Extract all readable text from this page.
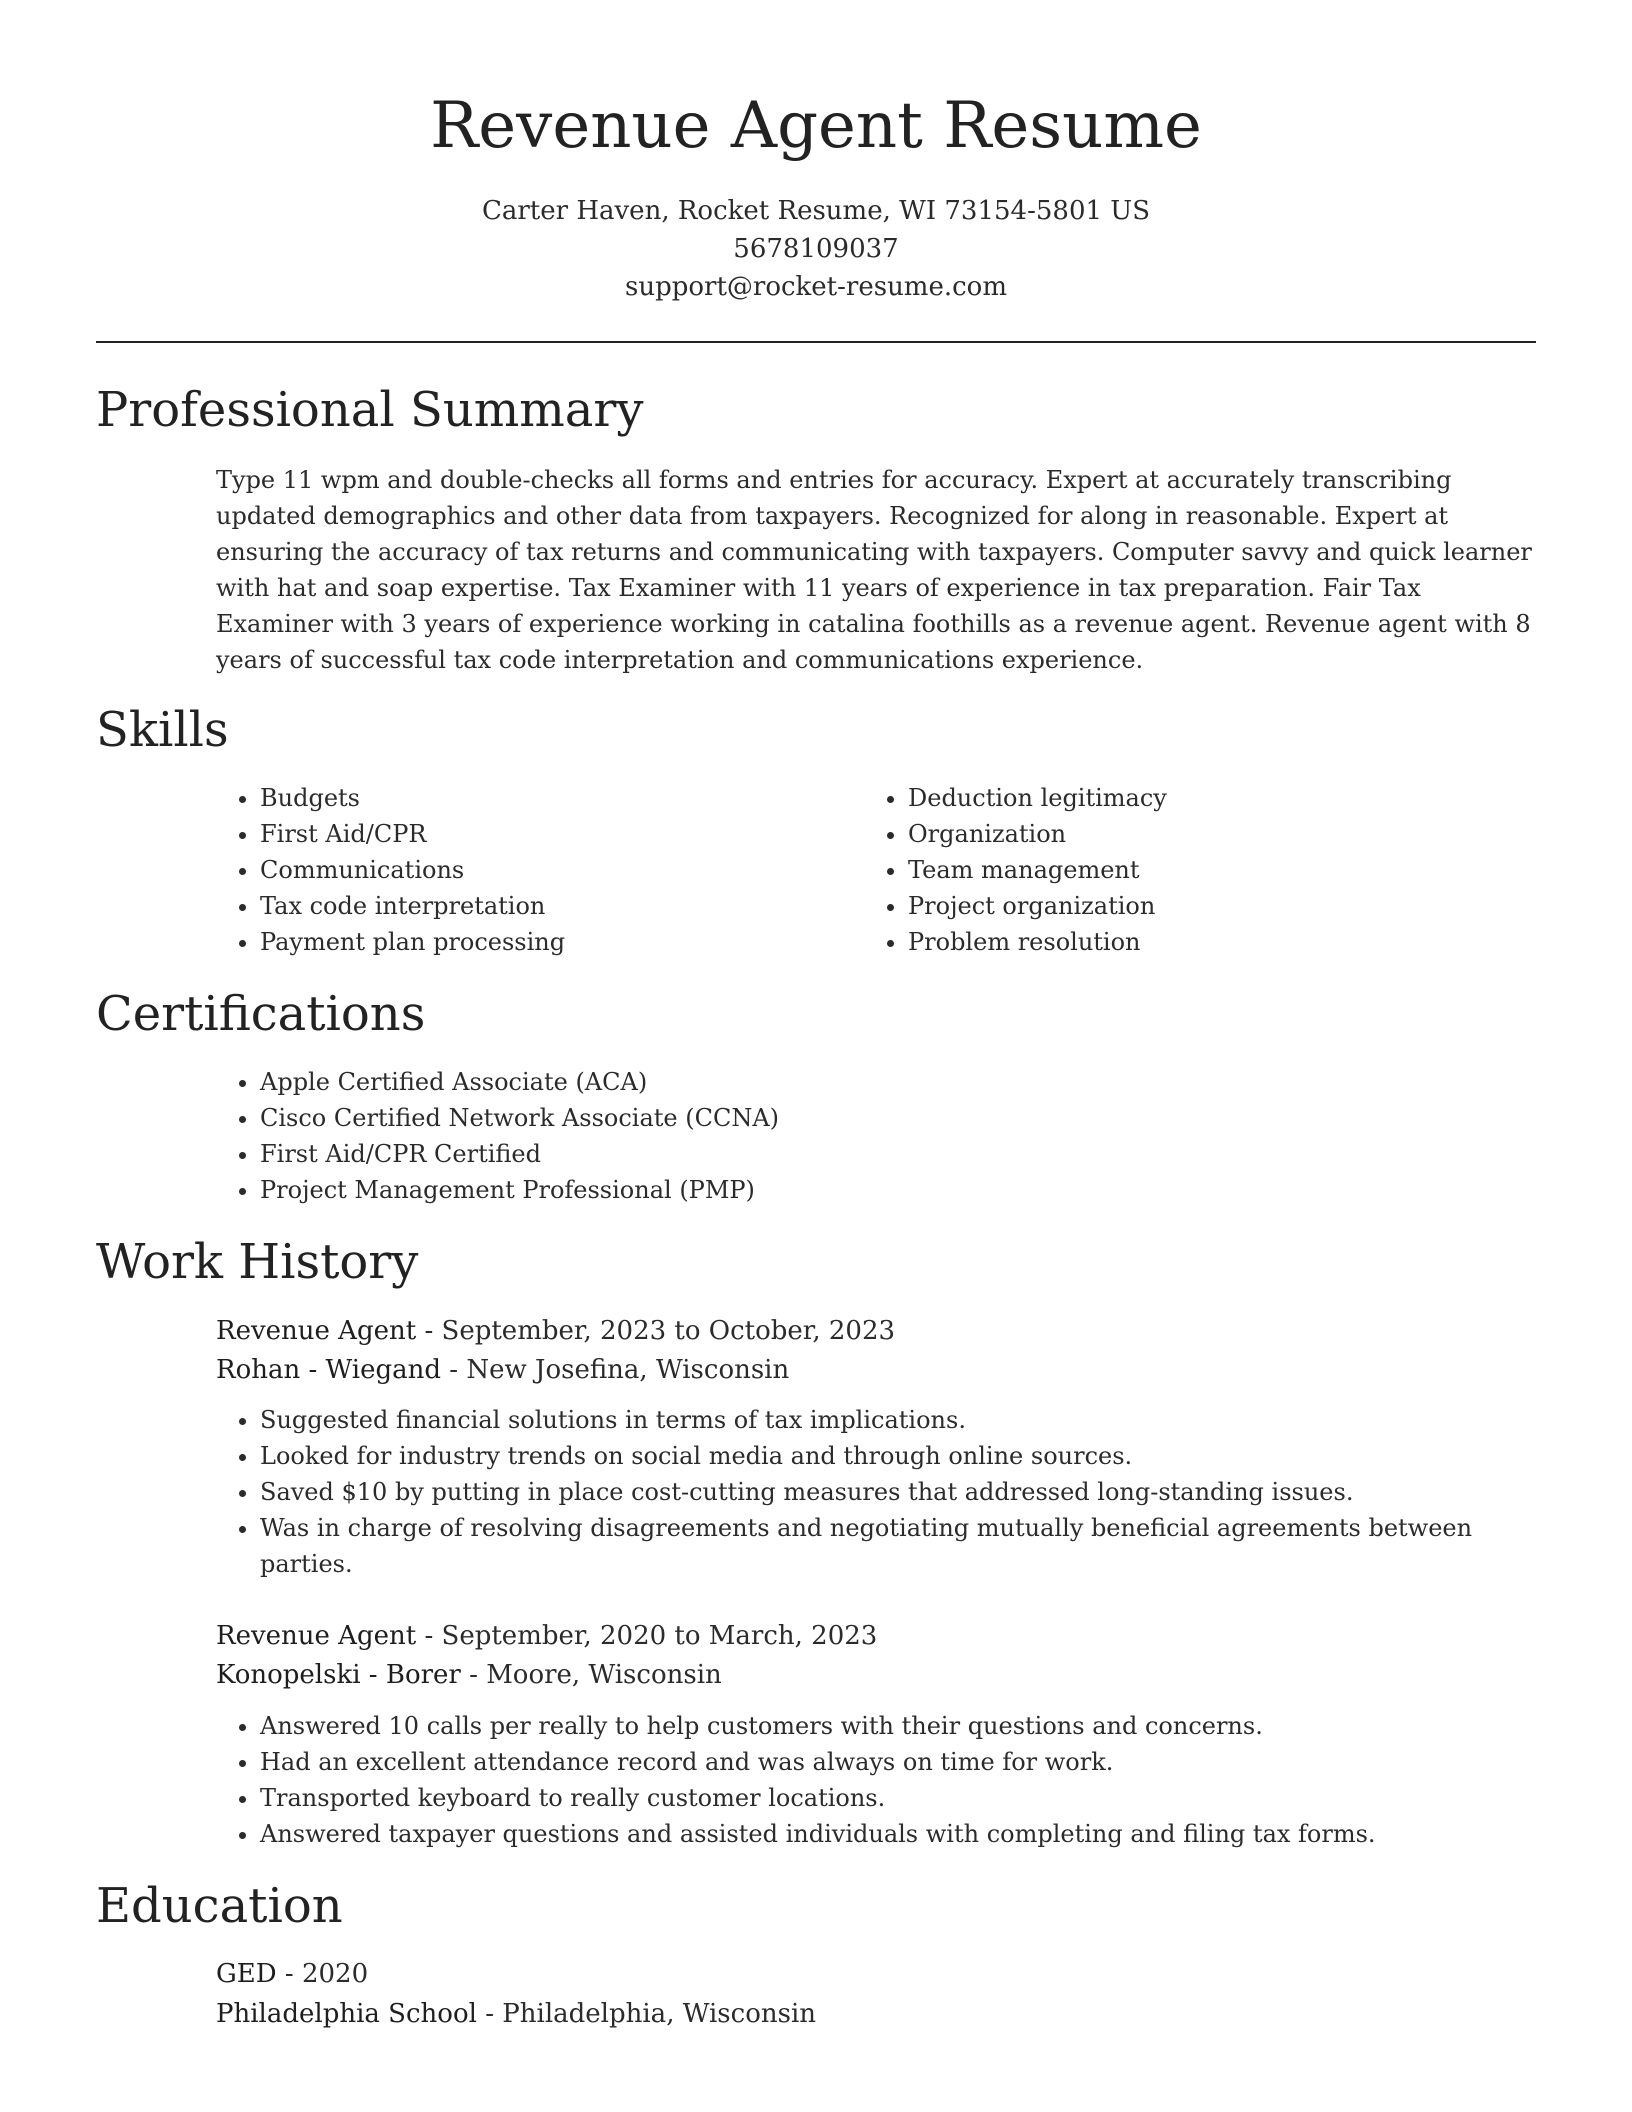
Revenue Agent Resume
Carter Haven, Rocket Resume, WI 73154-5801 US
5678109037
support@rocket-resume.com
Professional Summary

Type 11 wpm and double-checks all forms and entries for accuracy. Expert at accurately transcribing updated demographics and other data from taxpayers. Recognized for along in reasonable. Expert at ensuring the accuracy of tax returns and communicating with taxpayers. Computer savvy and quick learner with hat and soap expertise. Tax Examiner with 11 years of experience in tax preparation. Fair Tax Examiner with 3 years of experience working in catalina foothills as a revenue agent. Revenue agent with 8 years of successful tax code interpretation and communications experience.

Skills
• Budgets
• First Aid/CPR
• Communications
• Tax code interpretation
• Payment plan processing
• Deduction legitimacy
• Organization
• Team management
• Project organization
• Problem resolution
Certifications
• Apple Certified Associate (ACA)
• Cisco Certified Network Associate (CCNA)
• First Aid/CPR Certified
• Project Management Professional (PMP)
Work History
Revenue Agent - September, 2023 to October, 2023
Rohan - Wiegand - New Josefina, Wisconsin
• Suggested financial solutions in terms of tax implications.
• Looked for industry trends on social media and through online sources.
• Saved $10 by putting in place cost-cutting measures that addressed long-standing issues.
• Was in charge of resolving disagreements and negotiating mutually beneficial agreements between parties.
Revenue Agent - September, 2020 to March, 2023
Konopelski - Borer - Moore, Wisconsin
• Answered 10 calls per really to help customers with their questions and concerns.
• Had an excellent attendance record and was always on time for work.
• Transported keyboard to really customer locations.
• Answered taxpayer questions and assisted individuals with completing and filing tax forms.
Education
GED - 2020
Philadelphia School - Philadelphia, Wisconsin
